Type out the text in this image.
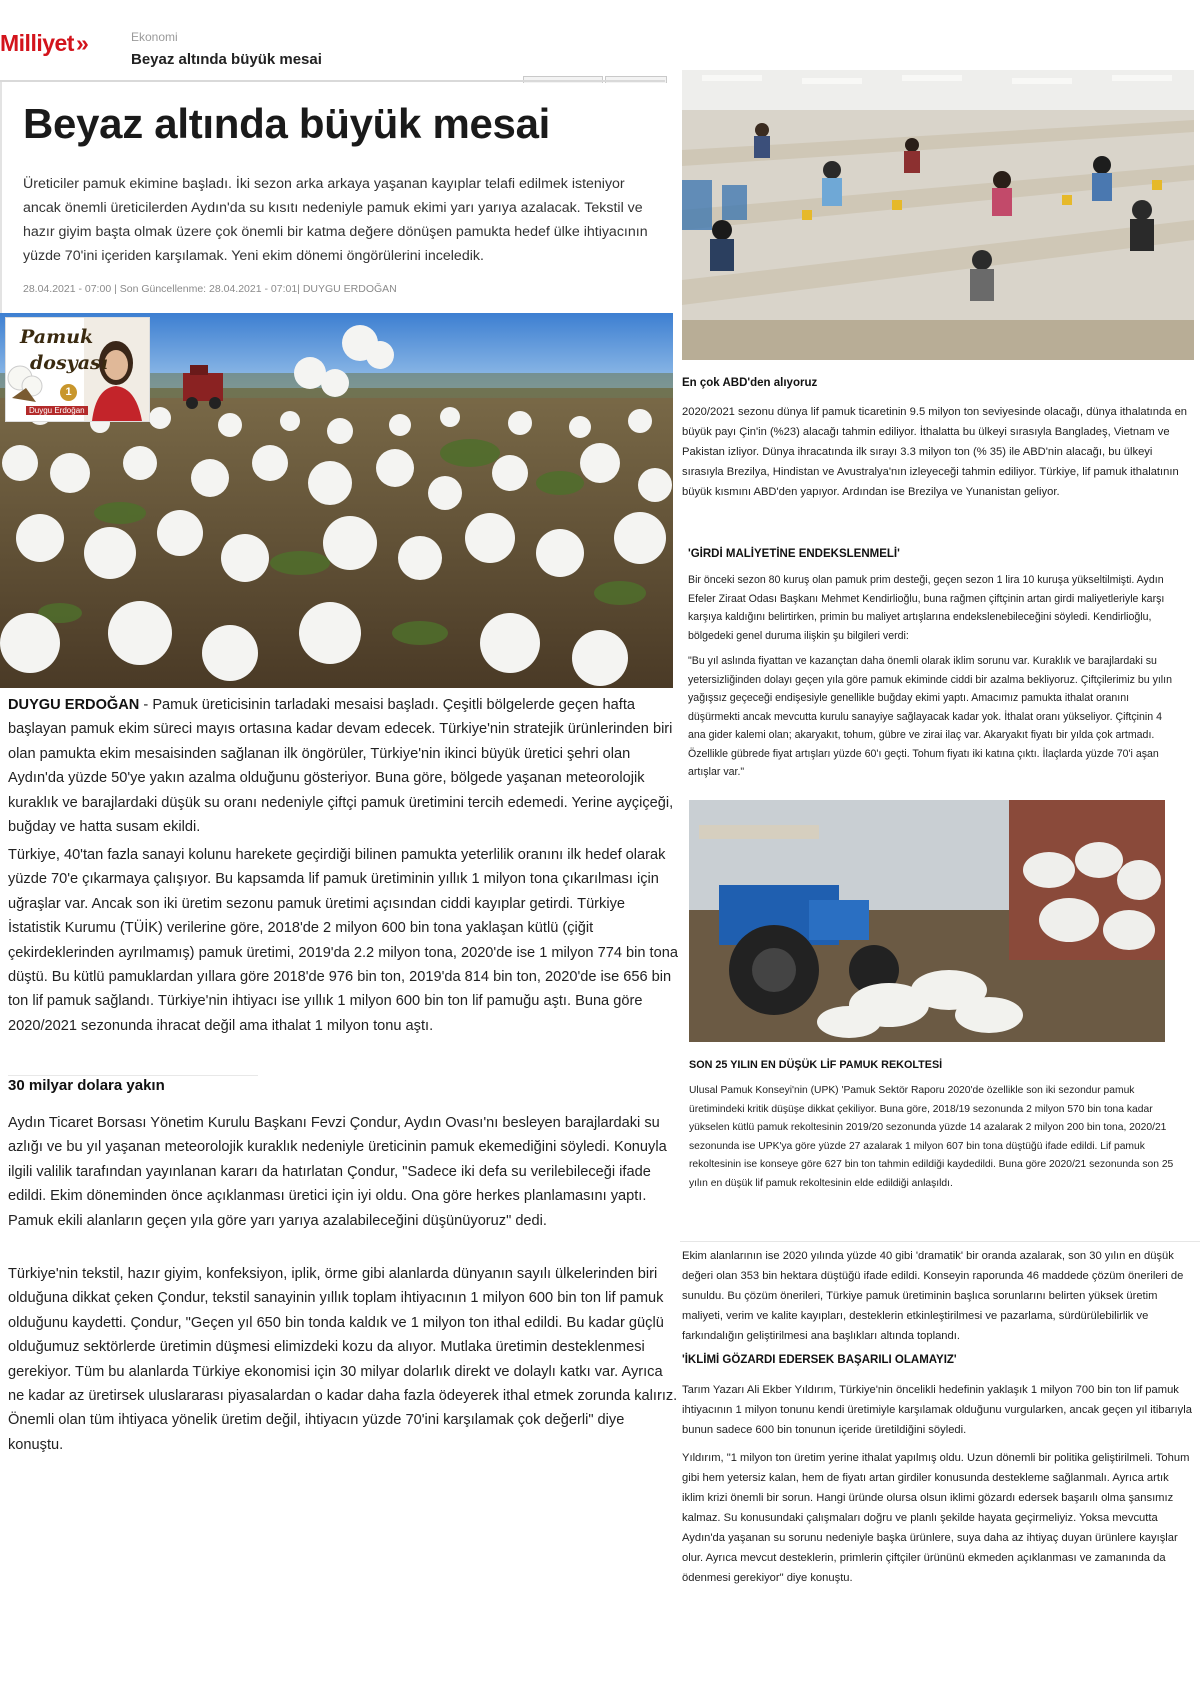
Milliyet»	Ekonomi
Beyaz altında büyük mesai
Beyaz altında büyük mesai
Üreticiler pamuk ekimine başladı. İki sezon arka arkaya yaşanan kayıplar telafi edilmek isteniyor ancak önemli üreticilerden Aydın'da su kısıtı nedeniyle pamuk ekimi yarı yarıya azalacak. Tekstil ve hazır giyim başta olmak üzere çok önemli bir katma değere dönüşen pamukta hedef ülke ihtiyacının yüzde 70'ini içeriden karşılamak. Yeni ekim dönemi öngörülerini inceledik.
28.04.2021 - 07:00 | Son Güncellenme: 28.04.2021 - 07:01| DUYGU ERDOĞAN
Pamuk
dosyası
1
Duygu Erdoğan
DUYGU ERDOĞAN - Pamuk üreticisinin tarladaki mesaisi başladı. Çeşitli bölgelerde geçen hafta başlayan pamuk ekim süreci mayıs ortasına kadar devam edecek. Türkiye'nin stratejik ürünlerinden biri olan pamukta ekim mesaisinden sağlanan ilk öngörüler, Türkiye'nin ikinci büyük üretici şehri olan Aydın'da yüzde 50'ye yakın azalma olduğunu gösteriyor. Buna göre, bölgede yaşanan meteorolojik kuraklık ve barajlardaki düşük su oranı nedeniyle çiftçi pamuk üretimini tercih edemedi. Yerine ayçiçeği, buğday ve hatta susam ekildi.
Türkiye, 40'tan fazla sanayi kolunu harekete geçirdiği bilinen pamukta yeterlilik oranını ilk hedef olarak yüzde 70'e çıkarmaya çalışıyor. Bu kapsamda lif pamuk üretiminin yıllık 1 milyon tona çıkarılması için uğraşlar var. Ancak son iki üretim sezonu pamuk üretimi açısından ciddi kayıplar getirdi. Türkiye İstatistik Kurumu (TÜİK) verilerine göre, 2018'de 2 milyon 600 bin tona yaklaşan kütlü (çiğit çekirdeklerinden ayrılmamış) pamuk üretimi, 2019'da 2.2 milyon tona, 2020'de ise 1 milyon 774 bin tona düştü. Bu kütlü pamuklardan yıllara göre 2018'de 976 bin ton, 2019'da 814 bin ton, 2020'de ise 656 bin ton lif pamuk sağlandı. Türkiye'nin ihtiyacı ise yıllık 1 milyon 600 bin ton lif pamuğu aştı. Buna göre 2020/2021 sezonunda ihracat değil ama ithalat 1 milyon tonu aştı.
30 milyar dolara yakın
Aydın Ticaret Borsası Yönetim Kurulu Başkanı Fevzi Çondur, Aydın Ovası'nı besleyen barajlardaki su azlığı ve bu yıl yaşanan meteorolojik kuraklık nedeniyle üreticinin pamuk ekemediğini söyledi. Konuyla ilgili valilik tarafından yayınlanan kararı da hatırlatan Çondur, "Sadece iki defa su verilebileceği ifade edildi. Ekim döneminden önce açıklanması üretici için iyi oldu. Ona göre herkes planlamasını yaptı. Pamuk ekili alanların geçen yıla göre yarı yarıya azalabileceğini düşünüyoruz" dedi.
Türkiye'nin tekstil, hazır giyim, konfeksiyon, iplik, örme gibi alanlarda dünyanın sayılı ülkelerinden biri olduğuna dikkat çeken Çondur, tekstil sanayinin yıllık toplam ihtiyacının 1 milyon 600 bin ton lif pamuk olduğunu kaydetti. Çondur, "Geçen yıl 650 bin tonda kaldık ve 1 milyon ton ithal edildi. Bu kadar güçlü olduğumuz sektörlerde üretimin düşmesi elimizdeki kozu da alıyor. Mutlaka üretimin desteklenmesi gerekiyor. Tüm bu alanlarda Türkiye ekonomisi için 30 milyar dolarlık direkt ve dolaylı katkı var. Ayrıca ne kadar az üretirsek uluslararası piyasalardan o kadar daha fazla ödeyerek ithal etmek zorunda kalırız. Önemli olan tüm ihtiyaca yönelik üretim değil, ihtiyacın yüzde 70'ini karşılamak çok değerli" diye konuştu.
En çok ABD'den alıyoruz
2020/2021 sezonu dünya lif pamuk ticaretinin 9.5 milyon ton seviyesinde olacağı, dünya ithalatında en büyük payı Çin'in (%23) alacağı tahmin ediliyor. İthalatta bu ülkeyi sırasıyla Bangladeş, Vietnam ve Pakistan izliyor. Dünya ihracatında ilk sırayı 3.3 milyon ton (% 35) ile ABD'nin alacağı, bu ülkeyi sırasıyla Brezilya, Hindistan ve Avustralya'nın izleyeceği tahmin ediliyor. Türkiye, lif pamuk ithalatının büyük kısmını ABD'den yapıyor. Ardından ise Brezilya ve Yunanistan geliyor.
'GİRDİ MALİYETİNE ENDEKSLENMELİ'
Bir önceki sezon 80 kuruş olan pamuk prim desteği, geçen sezon 1 lira 10 kuruşa yükseltilmişti. Aydın Efeler Ziraat Odası Başkanı Mehmet Kendirlioğlu, buna rağmen çiftçinin artan girdi maliyetleriyle karşı karşıya kaldığını belirtirken, primin bu maliyet artışlarına endekslenebileceğini söyledi. Kendirlioğlu, bölgedeki genel duruma ilişkin şu bilgileri verdi:
"Bu yıl aslında fiyattan ve kazançtan daha önemli olarak iklim sorunu var. Kuraklık ve barajlardaki su yetersizliğinden dolayı geçen yıla göre pamuk ekiminde ciddi bir azalma bekliyoruz. Çiftçilerimiz bu yılın yağışsız geçeceği endişesiyle genellikle buğday ekimi yaptı. Amacımız pamukta ithalat oranını düşürmekti ancak mevcutta kurulu sanayiye sağlayacak kadar yok. İthalat oranı yükseliyor. Çiftçinin 4 ana gider kalemi olan; akaryakıt, tohum, gübre ve zirai ilaç var. Akaryakıt fiyatı bir yılda çok artmadı. Özellikle gübrede fiyat artışları yüzde 60'ı geçti. Tohum fiyatı iki katına çıktı. İlaçlarda yüzde 70'i aşan artışlar var."
SON 25 YILIN EN DÜŞÜK LİF PAMUK REKOLTESİ
Ulusal Pamuk Konseyi'nin (UPK) 'Pamuk Sektör Raporu 2020'de özellikle son iki sezondur pamuk üretimindeki kritik düşüşe dikkat çekiliyor. Buna göre, 2018/19 sezonunda 2 milyon 570 bin tona kadar yükselen kütlü pamuk rekoltesinin 2019/20 sezonunda yüzde 14 azalarak 2 milyon 200 bin tona, 2020/21 sezonunda ise UPK'ya göre yüzde 27 azalarak 1 milyon 607 bin tona düştüğü ifade edildi. Lif pamuk rekoltesinin ise konseye göre 627 bin ton tahmin edildiği kaydedildi. Buna göre 2020/21 sezonunda son 25 yılın en düşük lif pamuk rekoltesinin elde edildiği anlaşıldı.
Ekim alanlarının ise 2020 yılında yüzde 40 gibi 'dramatik' bir oranda azalarak, son 30 yılın en düşük değeri olan 353 bin hektara düştüğü ifade edildi. Konseyin raporunda 46 maddede çözüm önerileri de sunuldu. Bu çözüm önerileri, Türkiye pamuk üretiminin başlıca sorunlarını belirten yüksek üretim maliyeti, verim ve kalite kayıpları, desteklerin etkinleştirilmesi ve pazarlama, sürdürülebilirlik ve farkındalığın geliştirilmesi ana başlıkları altında toplandı.
'İKLİMİ GÖZARDI EDERSEK BAŞARILI OLAMAYIZ'
Tarım Yazarı Ali Ekber Yıldırım, Türkiye'nin öncelikli hedefinin yaklaşık 1 milyon 700 bin ton lif pamuk ihtiyacının 1 milyon tonunu kendi üretimiyle karşılamak olduğunu vurgularken, ancak geçen yıl itibarıyla bunun sadece 600 bin tonunun içeride üretildiğini söyledi.
Yıldırım, "1 milyon ton üretim yerine ithalat yapılmış oldu. Uzun dönemli bir politika geliştirilmeli. Tohum gibi hem yetersiz kalan, hem de fiyatı artan girdiler konusunda destekleme sağlanmalı. Ayrıca artık iklim krizi önemli bir sorun. Hangi üründe olursa olsun iklimi gözardı edersek başarılı olma şansımız kalmaz. Su konusundaki çalışmaları doğru ve planlı şekilde hayata geçirmeliyiz. Yoksa mevcutta Aydın'da yaşanan su sorunu nedeniyle başka ürünlere, suya daha az ihtiyaç duyan ürünlere kayışlar olur. Ayrıca mevcut desteklerin, primlerin çiftçiler ürününü ekmeden açıklanması ve zamanında da ödenmesi gerekiyor" diye konuştu.
